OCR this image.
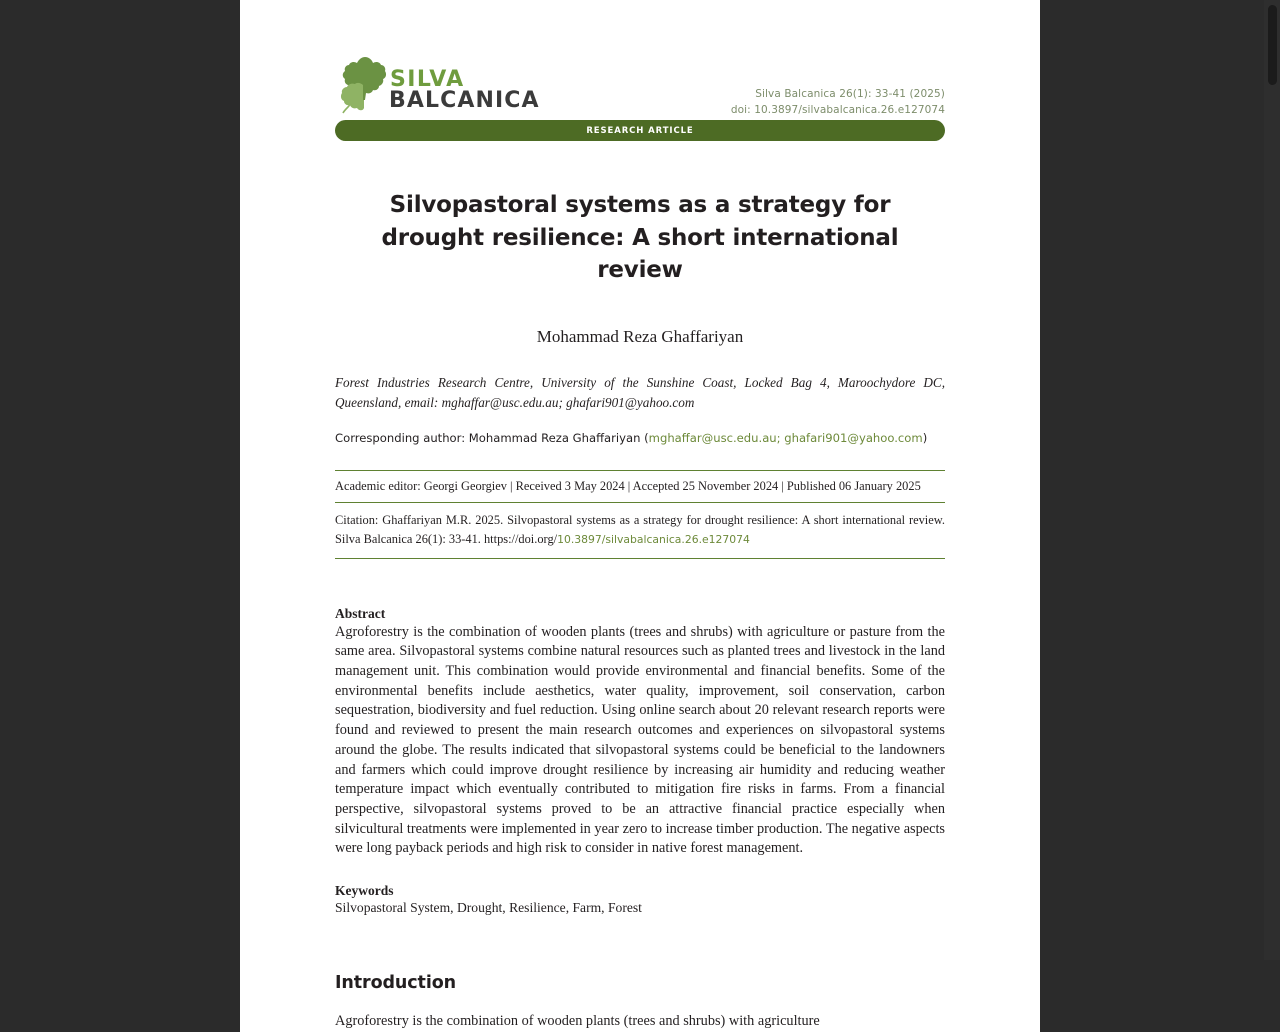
SILVA
BALCANICA	Silva Balcanica 26(1): 33-41 (2025)
doi: 10.3897/silvabalcanica.26.e127074
RESEARCH ARTICLE
Silvopastoral systems as a strategy for drought resilience: A short international review
Mohammad Reza Ghaffariyan
Forest Industries Research Centre, University of the Sunshine Coast, Locked Bag 4, Maroochydore DC, Queensland, email: mghaffar@usc.edu.au; ghafari901@yahoo.com
Corresponding author: Mohammad Reza Ghaffariyan (mghaffar@usc.edu.au; ghafari901@yahoo.com)
Academic editor: Georgi Georgiev | Received 3 May 2024 | Accepted 25 November 2024 | Published 06 January 2025
Citation: Ghaffariyan M.R. 2025. Silvopastoral systems as a strategy for drought resilience: A short international review. Silva Balcanica 26(1): 33-41. https://doi.org/10.3897/silvabalcanica.26.e127074
Abstract

Agroforestry is the combination of wooden plants (trees and shrubs) with agriculture or pasture from the same area. Silvopastoral systems combine natural resources such as planted trees and livestock in the land management unit. This combination would provide environmental and financial benefits. Some of the environmental benefits include aesthetics, water quality, improvement, soil conservation, carbon sequestration, biodiversity and fuel reduction. Using online search about 20 relevant research reports were found and reviewed to present the main research outcomes and experiences on silvopastoral systems around the globe. The results indicated that silvopastoral systems could be beneficial to the landowners and farmers which could improve drought resilience by increasing air humidity and reducing weather temperature impact which eventually contributed to mitigation fire risks in farms. From a financial perspective, silvopastoral systems proved to be an attractive financial practice especially when silvicultural treatments were implemented in year zero to increase timber production. The negative aspects were long payback periods and high risk to consider in native forest management.

Keywords
Silvopastoral System, Drought, Resilience, Farm, Forest
Introduction

Agroforestry is the combination of wooden plants (trees and shrubs) with agriculture
